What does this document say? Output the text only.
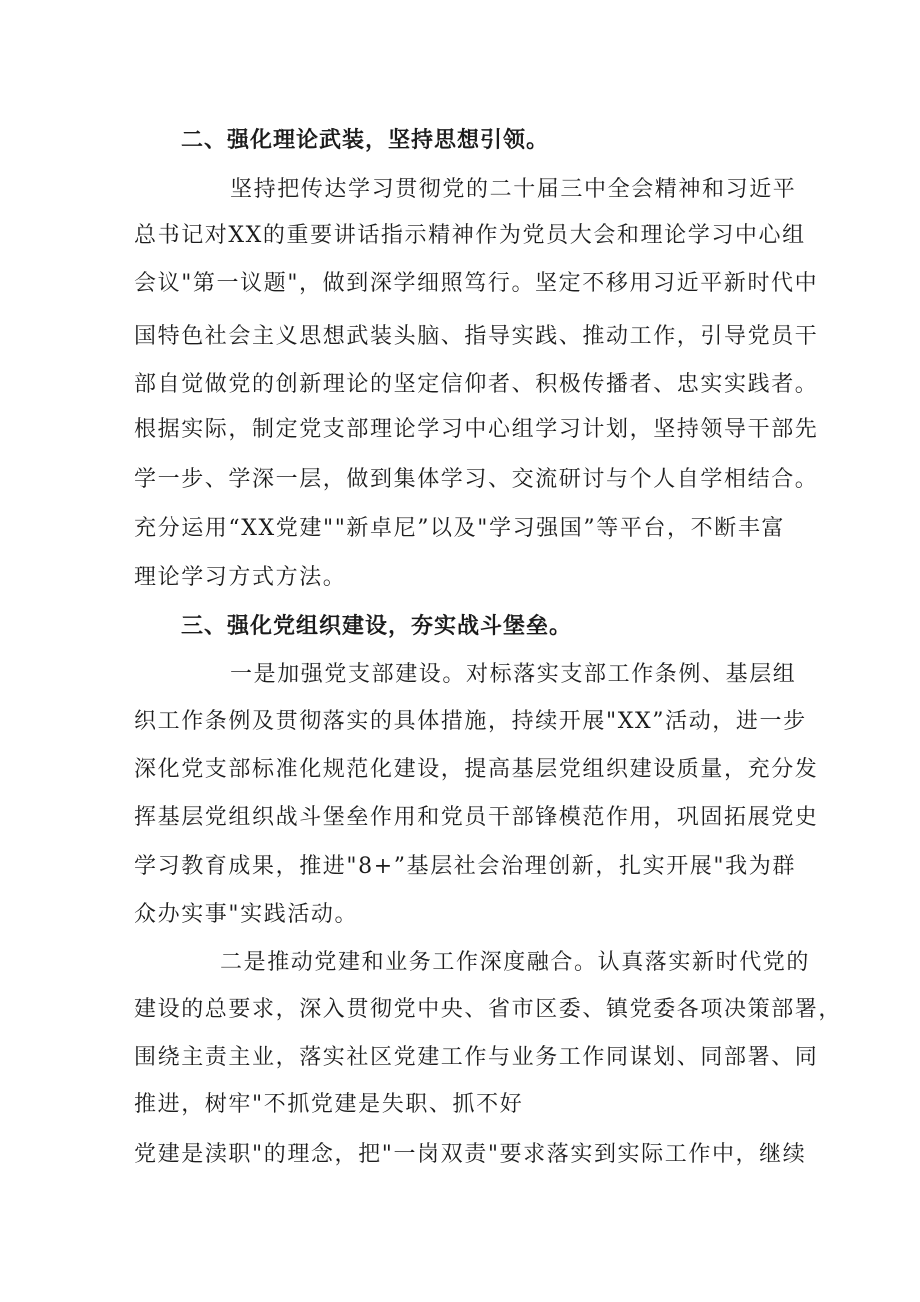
二、强化理论武装，坚持思想引领。
坚持把传达学习贯彻党的二十届三中全会精神和习近平
总书记对XX的重要讲话指示精神作为党员大会和理论学习中心组
会议"第一议题"，做到深学细照笃行。坚定不移用习近平新时代中
国特色社会主义思想武装头脑、指导实践、推动工作，引导党员干
部自觉做党的创新理论的坚定信仰者、积极传播者、忠实实践者。
根据实际，制定党支部理论学习中心组学习计划，坚持领导干部先
学一步、学深一层，做到集体学习、交流研讨与个人自学相结合。
充分运用“XX党建""新卓尼”以及"学习强国”等平台，不断丰富
理论学习方式方法。
三、强化党组织建设，夯实战斗堡垒。
一是加强党支部建设。对标落实支部工作条例、基层组
织工作条例及贯彻落实的具体措施，持续开展"XX”活动，进一步
深化党支部标准化规范化建设，提高基层党组织建设质量，充分发
挥基层党组织战斗堡垒作用和党员干部锋模范作用，巩固拓展党史
学习教育成果，推进"8+”基层社会治理创新，扎实开展"我为群
众办实事"实践活动。
二是推动党建和业务工作深度融合。认真落实新时代党的
建设的总要求，深入贯彻党中央、省市区委、镇党委各项决策部署，
围绕主责主业，落实社区党建工作与业务工作同谋划、同部署、同
推进，树牢"不抓党建是失职、抓不好
党建是渎职"的理念，把"一岗双责"要求落实到实际工作中，继续
